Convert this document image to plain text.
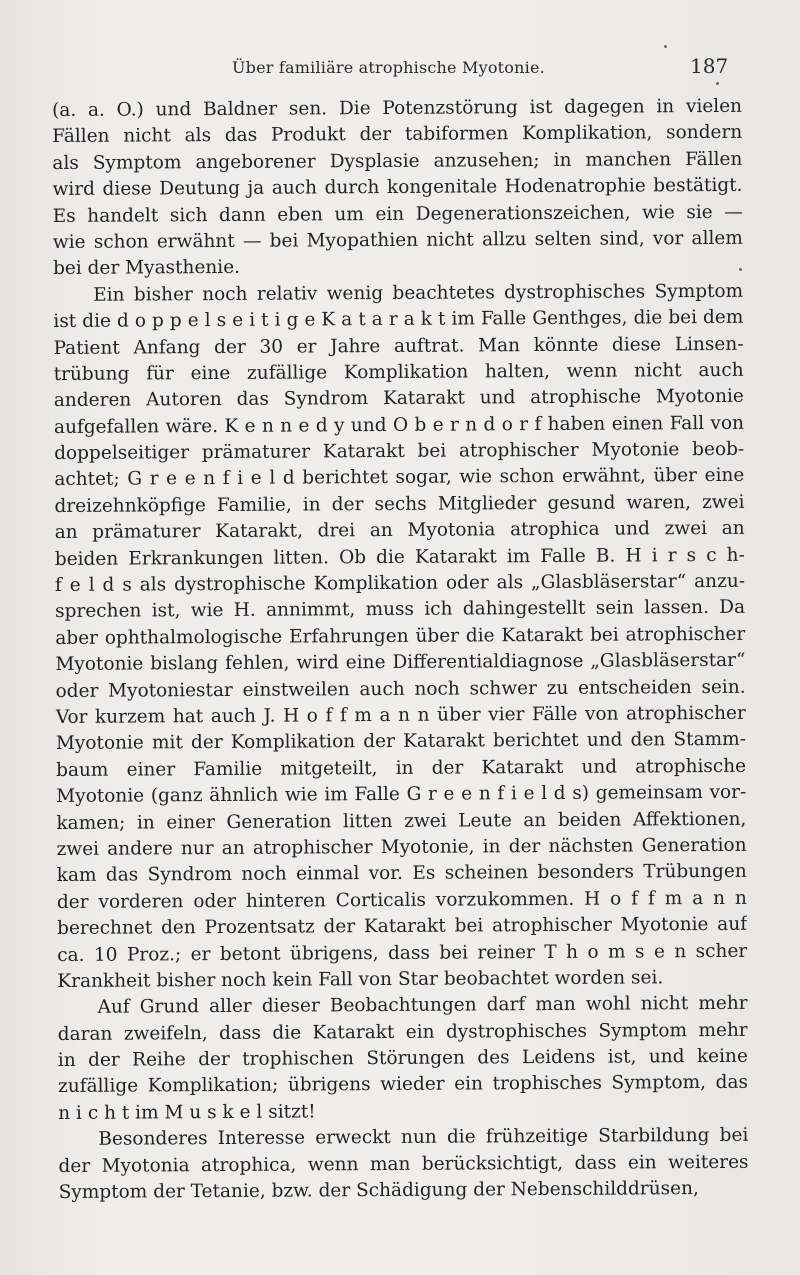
Über familiäre atrophische Myotonie.	187
(a. a. O.) und Baldner sen. Die Potenzstörung ist dagegen in vielen
Fällen nicht als das Produkt der tabiformen Komplikation, sondern
als Symptom angeborener Dysplasie anzusehen; in manchen Fällen
wird diese Deutung ja auch durch kongenitale Hodenatrophie bestätigt.
Es handelt sich dann eben um ein Degenerationszeichen, wie sie —
wie schon erwähnt — bei Myopathien nicht allzu selten sind, vor allem
bei der Myasthenie.
Ein bisher noch relativ wenig beachtetes dystrophisches Symptom
ist die d o p p e l s e i t i g e K a t a r a k t im Falle Genthges, die bei dem
Patient Anfang der 30 er Jahre auftrat. Man könnte diese Linsen-
trübung für eine zufällige Komplikation halten, wenn nicht auch
anderen Autoren das Syndrom Katarakt und atrophische Myotonie
aufgefallen wäre. K e n n e d y und O b e r n d o r f haben einen Fall von
doppelseitiger prämaturer Katarakt bei atrophischer Myotonie beob-
achtet; G r e e n f i e l d berichtet sogar, wie schon erwähnt, über eine
dreizehnköpfige Familie, in der sechs Mitglieder gesund waren, zwei
an prämaturer Katarakt, drei an Myotonia atrophica und zwei an
beiden Erkrankungen litten. Ob die Katarakt im Falle B. H i r s c h-
f e l d s als dystrophische Komplikation oder als „Glasbläserstar“ anzu-
sprechen ist, wie H. annimmt, muss ich dahingestellt sein lassen. Da
aber ophthalmologische Erfahrungen über die Katarakt bei atrophischer
Myotonie bislang fehlen, wird eine Differentialdiagnose „Glasbläserstar“
oder Myotoniestar einstweilen auch noch schwer zu entscheiden sein.
Vor kurzem hat auch J. H o f f m a n n über vier Fälle von atrophischer
Myotonie mit der Komplikation der Katarakt berichtet und den Stamm-
baum einer Familie mitgeteilt, in der Katarakt und atrophische
Myotonie (ganz ähnlich wie im Falle G r e e n f i e l d s) gemeinsam vor-
kamen; in einer Generation litten zwei Leute an beiden Affektionen,
zwei andere nur an atrophischer Myotonie, in der nächsten Generation
kam das Syndrom noch einmal vor. Es scheinen besonders Trübungen
der vorderen oder hinteren Corticalis vorzukommen. H o f f m a n n
berechnet den Prozentsatz der Katarakt bei atrophischer Myotonie auf
ca. 10 Proz.; er betont übrigens, dass bei reiner T h o m s e n scher
Krankheit bisher noch kein Fall von Star beobachtet worden sei.
Auf Grund aller dieser Beobachtungen darf man wohl nicht mehr
daran zweifeln, dass die Katarakt ein dystrophisches Symptom mehr
in der Reihe der trophischen Störungen des Leidens ist, und keine
zufällige Komplikation; übrigens wieder ein trophisches Symptom, das
n i c h t im M u s k e l sitzt!
Besonderes Interesse erweckt nun die frühzeitige Starbildung bei
der Myotonia atrophica, wenn man berücksichtigt, dass ein weiteres
Symptom der Tetanie, bzw. der Schädigung der Nebenschilddrüsen,
